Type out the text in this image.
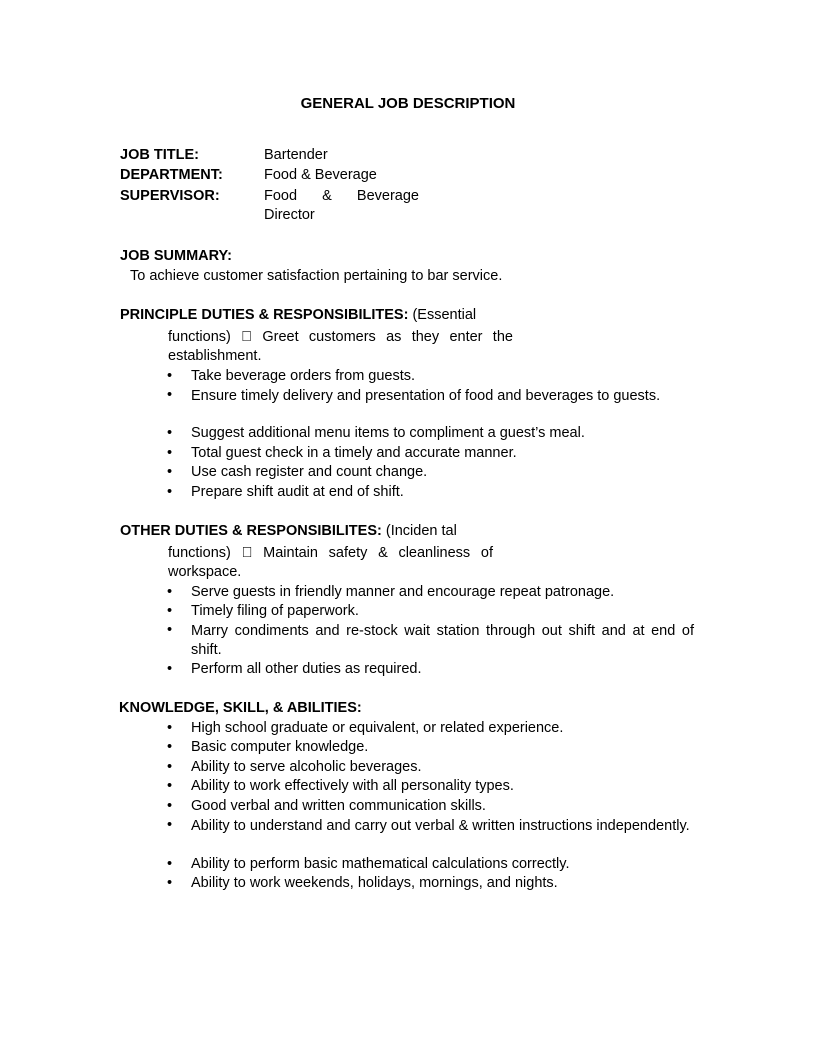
GENERAL JOB DESCRIPTION
JOB TITLE:	Bartender
DEPARTMENT:	Food & Beverage
SUPERVISOR:	Food & Beverage
Director
JOB SUMMARY:
To achieve customer satisfaction pertaining to bar service.
PRINCIPLE DUTIES & RESPONSIBILITES: (Essential
functions) Greet customers as they enter the
establishment.
•	Take beverage orders from guests.
•	Ensure timely delivery and presentation of food and beverages to guests.
•	Suggest additional menu items to compliment a guest’s meal.
•	Total guest check in a timely and accurate manner.
•	Use cash register and count change.
•	Prepare shift audit at end of shift.
OTHER DUTIES & RESPONSIBILITES: (Inciden tal
functions) Maintain safety & cleanliness of
workspace.
•	Serve guests in friendly manner and encourage repeat patronage.
•	Timely filing of paperwork.
•	Marry condiments and re-stock wait station through out shift and at end of shift.
•	Perform all other duties as required.
KNOWLEDGE, SKILL, & ABILITIES:
•	High school graduate or equivalent, or related experience.
•	Basic computer knowledge.
•	Ability to serve alcoholic beverages.
•	Ability to work effectively with all personality types.
•	Good verbal and written communication skills.
•	Ability to understand and carry out verbal & written instructions independently.
•	Ability to perform basic mathematical calculations correctly.
•	Ability to work weekends, holidays, mornings, and nights.
